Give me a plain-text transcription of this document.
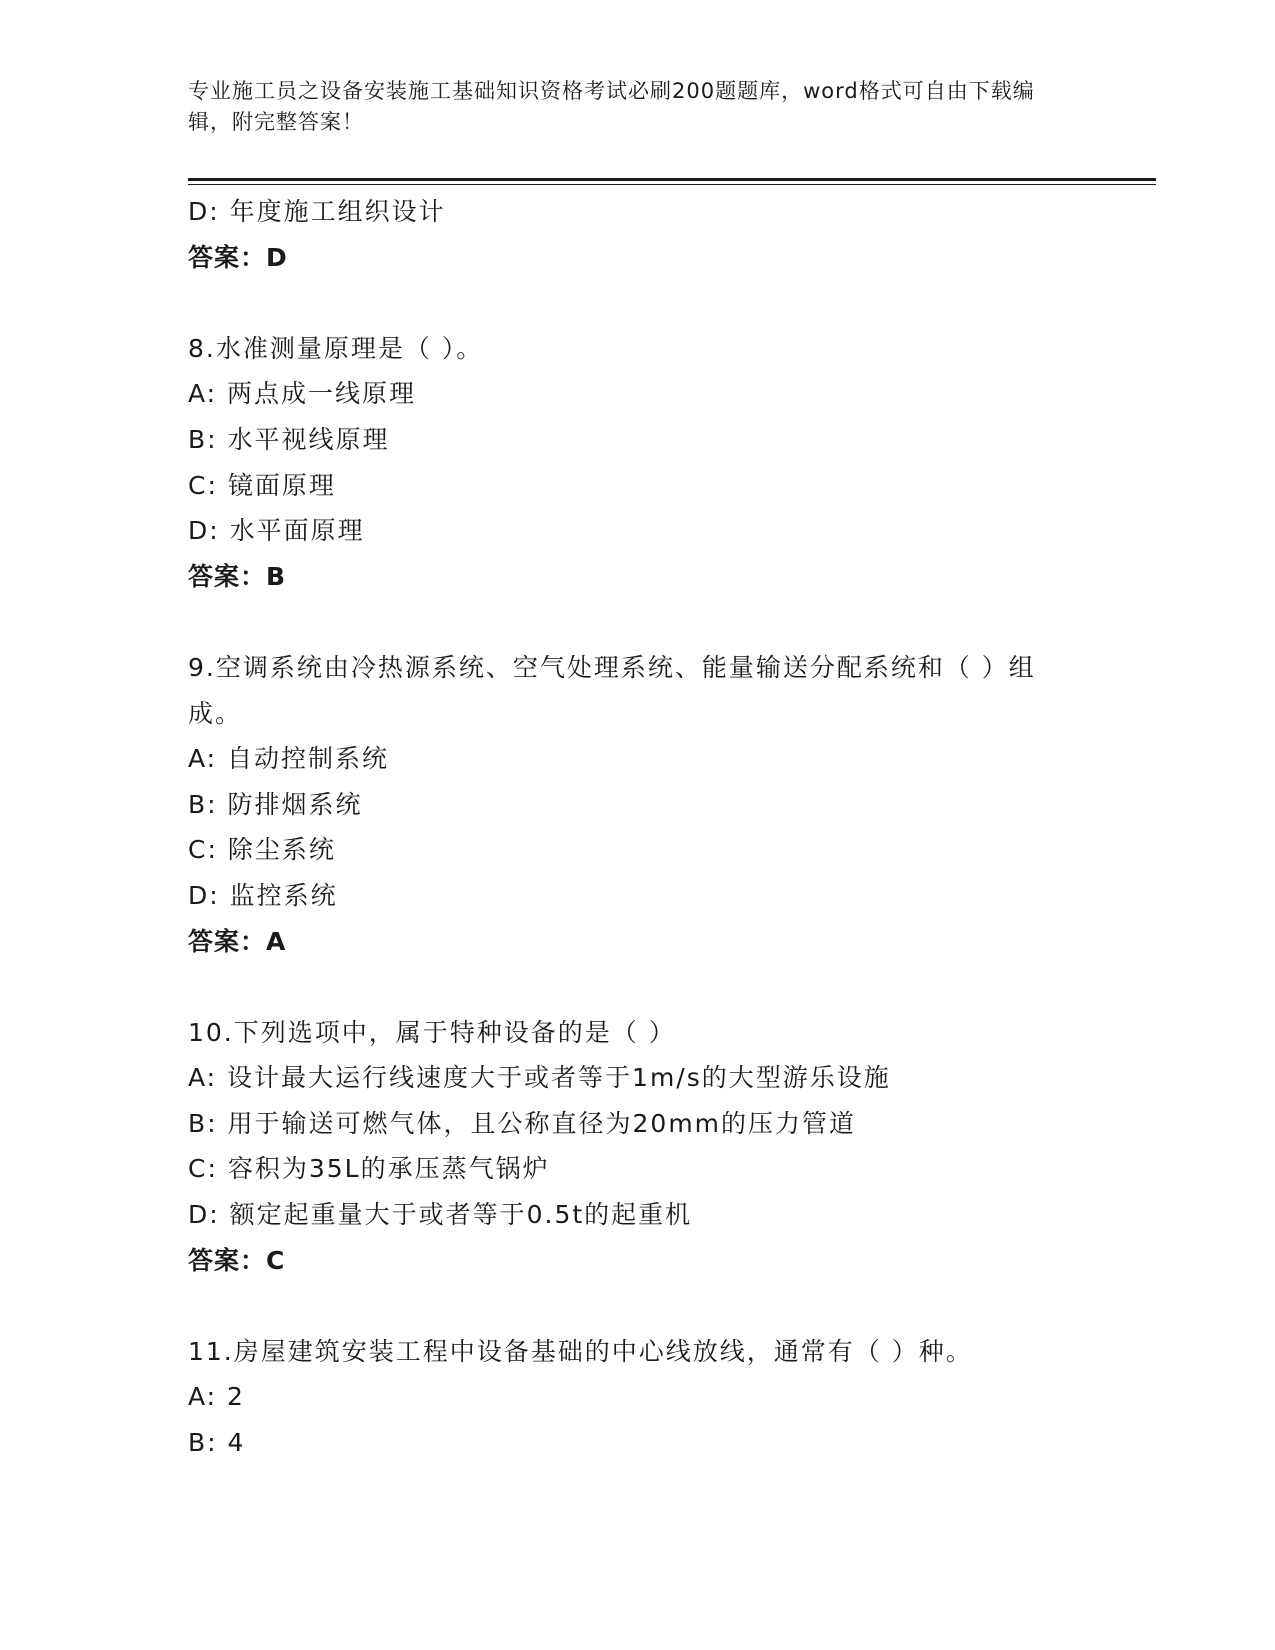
专业施工员之设备安装施工基础知识资格考试必刷200题题库，word格式可自由下载编辑，附完整答案！
D: 年度施工组织设计
答案：D
8.水准测量原理是（ ）。
A: 两点成一线原理
B: 水平视线原理
C: 镜面原理
D: 水平面原理
答案：B
9.空调系统由冷热源系统、空气处理系统、能量输送分配系统和（ ）组成。
A: 自动控制系统
B: 防排烟系统
C: 除尘系统
D: 监控系统
答案：A
10.下列选项中，属于特种设备的是（ ）
A: 设计最大运行线速度大于或者等于1m/s的大型游乐设施
B: 用于输送可燃气体，且公称直径为20mm的压力管道
C: 容积为35L的承压蒸气锅炉
D: 额定起重量大于或者等于0.5t的起重机
答案：C
11.房屋建筑安装工程中设备基础的中心线放线，通常有（ ）种。
A: 2
B: 4
